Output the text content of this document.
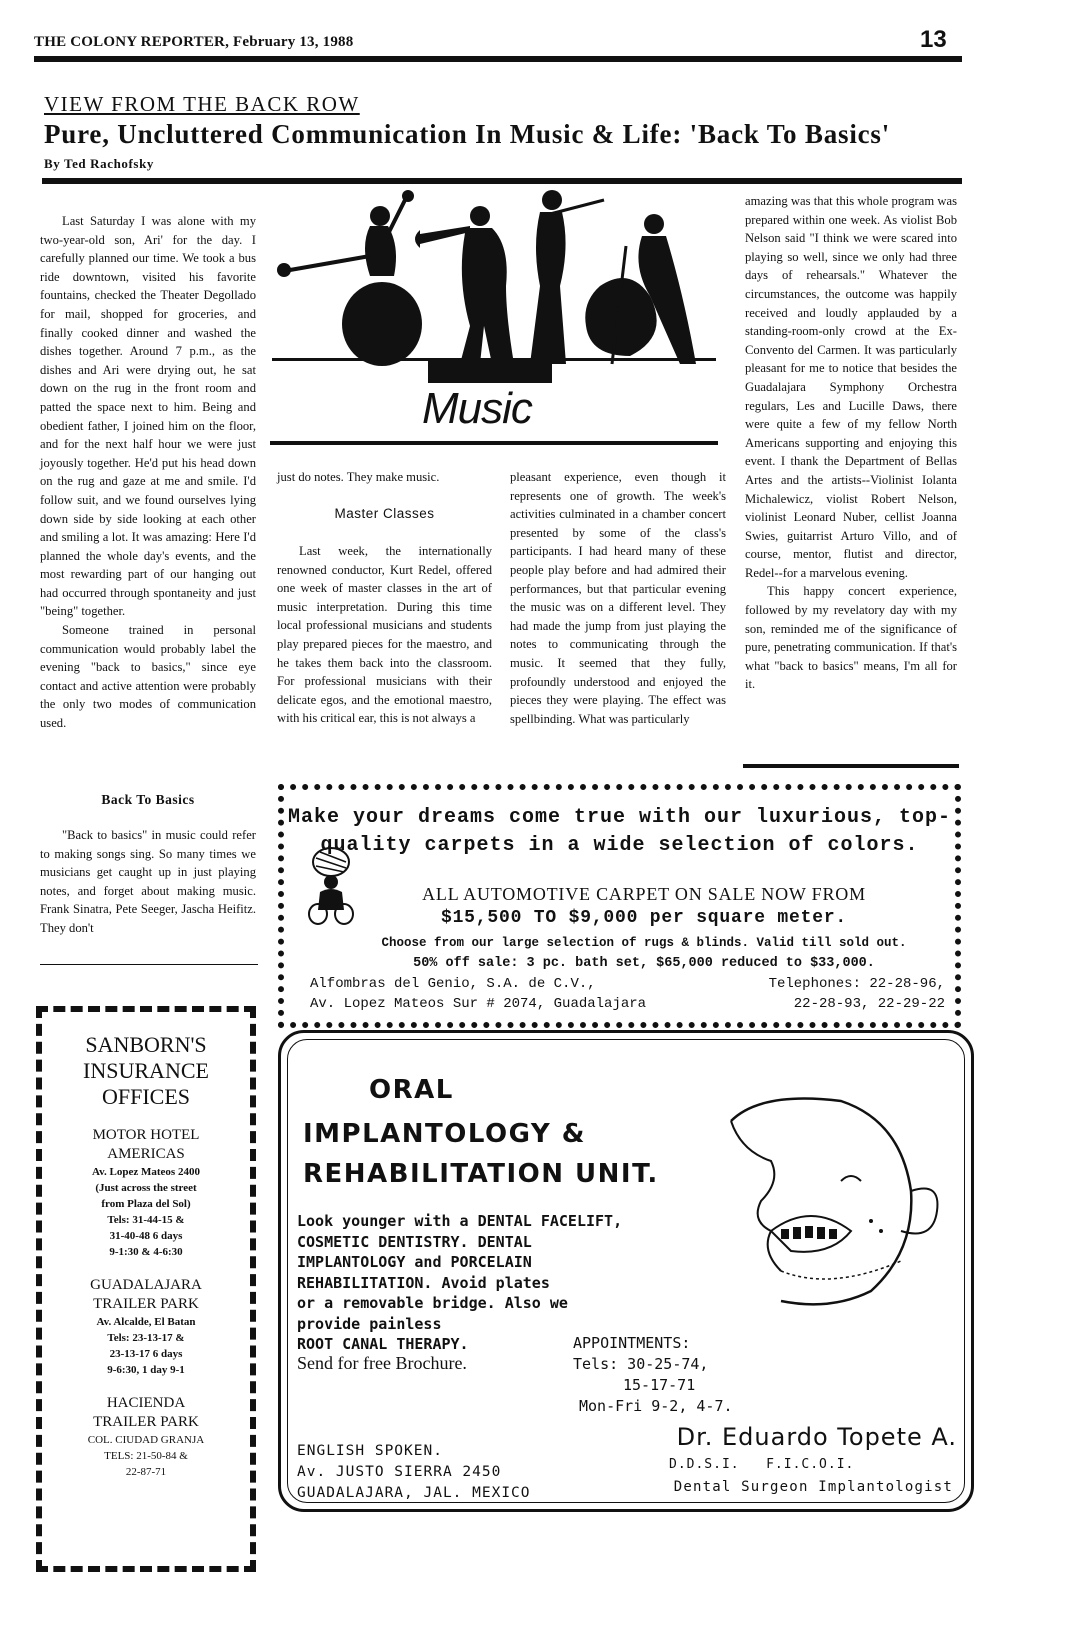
THE COLONY REPORTER, February 13, 1988	13
VIEW FROM THE BACK ROW
Pure, Uncluttered Communication In Music & Life: 'Back To Basics'
By Ted Rachofsky

Last Saturday I was alone with my two-year-old son, Ari' for the day. I carefully planned our time. We took a bus ride downtown, visited his favorite fountains, checked the Theater Degollado for mail, shopped for groceries, and finally cooked dinner and washed the dishes together. Around 7 p.m., as the dishes and Ari were drying out, he sat down on the rug in the front room and patted the space next to him. Being and obedient father, I joined him on the floor, and for the next half hour we were just joyously together. He'd put his head down on the rug and gaze at me and smile. I'd follow suit, and we found ourselves lying down side by side looking at each other and smiling a lot. It was amazing: Here I'd planned the whole day's events, and the most rewarding part of our hanging out had occurred through spontaneity and just "being" together.

Someone trained in personal communication would probably label the evening "back to basics," since eye contact and active attention were probably the only two modes of communication used.

Back To Basics

"Back to basics" in music could refer to making songs sing. So many times we musicians get caught up in just playing notes, and forget about making music. Frank Sinatra, Pete Seeger, Jascha Heifitz. They don't

Music

just do notes. They make music.

Master Classes

Last week, the internationally renowned conductor, Kurt Redel, offered one week of master classes in the art of music interpretation. During this time local professional musicians and students play prepared pieces for the maestro, and he takes them back into the classroom. For professional musicians with their delicate egos, and the emotional maestro, with his critical ear, this is not always a

pleasant experience, even though it represents one of growth. The week's activities culminated in a chamber concert presented by some of the class's participants. I had heard many of these people play before and had admired their performances, but that particular evening the music was on a different level. They had made the jump from just playing the notes to communicating through the music. It seemed that they fully, profoundly understood and enjoyed the pieces they were playing. The effect was spellbinding. What was particularly

amazing was that this whole program was prepared within one week. As violist Bob Nelson said "I think we were scared into playing so well, since we only had three days of rehearsals." Whatever the circumstances, the outcome was happily received and loudly applauded by a standing-room-only crowd at the Ex-Convento del Carmen. It was particularly pleasant for me to notice that besides the Guadalajara Symphony Orchestra regulars, Les and Lucille Daws, there were quite a few of my fellow North Americans supporting and enjoying this event. I thank the Department of Bellas Artes and the artists--Violinist Iolanta Michalewicz, violist Robert Nelson, violinist Leonard Nuber, cellist Joanna Swies, guitarrist Arturo Villo, and of course, mentor, flutist and director, Redel--for a marvelous evening.

This happy concert experience, followed by my revelatory day with my son, reminded me of the significance of pure, penetrating communication. If that's what "back to basics" means, I'm all for it.

Make your dreams come true with our luxurious, top-
quality carpets in a wide selection of colors.
ALL AUTOMOTIVE CARPET ON SALE NOW FROM
$15,500 TO $9,000 per square meter.
Choose from our large selection of rugs & blinds. Valid till sold out.
50% off sale: 3 pc. bath set, $65,000 reduced to $33,000.
Alfombras del Genio, S.A. de C.V.,
Av. Lopez Mateos Sur # 2074, Guadalajara
Telephones: 22-28-96,
22-28-93, 22-29-22
SANBORN'S
INSURANCE
OFFICES
MOTOR HOTEL
AMERICAS
Av. Lopez Mateos 2400
(Just across the street
from Plaza del Sol)
Tels: 31-44-15 &
31-40-48 6 days
9-1:30 & 4-6:30
GUADALAJARA
TRAILER PARK
Av. Alcalde, El Batan
Tels: 23-13-17 &
23-13-17 6 days
9-6:30, 1 day 9-1
HACIENDA
TRAILER PARK
COL. CIUDAD GRANJA
TELS: 21-50-84 &
22-87-71
ORAL
IMPLANTOLOGY &
REHABILITATION UNIT.
Look younger with a DENTAL FACELIFT,
COSMETIC DENTISTRY. DENTAL
IMPLANTOLOGY and PORCELAIN
REHABILITATION. Avoid plates
or a removable bridge. Also we
provide painless
ROOT CANAL THERAPY.
Send for free Brochure.
APPOINTMENTS:
Tels: 30-25-74,
15-17-71
Mon-Fri 9-2, 4-7.
ENGLISH SPOKEN.
Av. JUSTO SIERRA 2450
GUADALAJARA, JAL. MEXICO
Dr. Eduardo Topete A.
D.D.S.I.   F.I.C.O.I.
Dental Surgeon Implantologist
